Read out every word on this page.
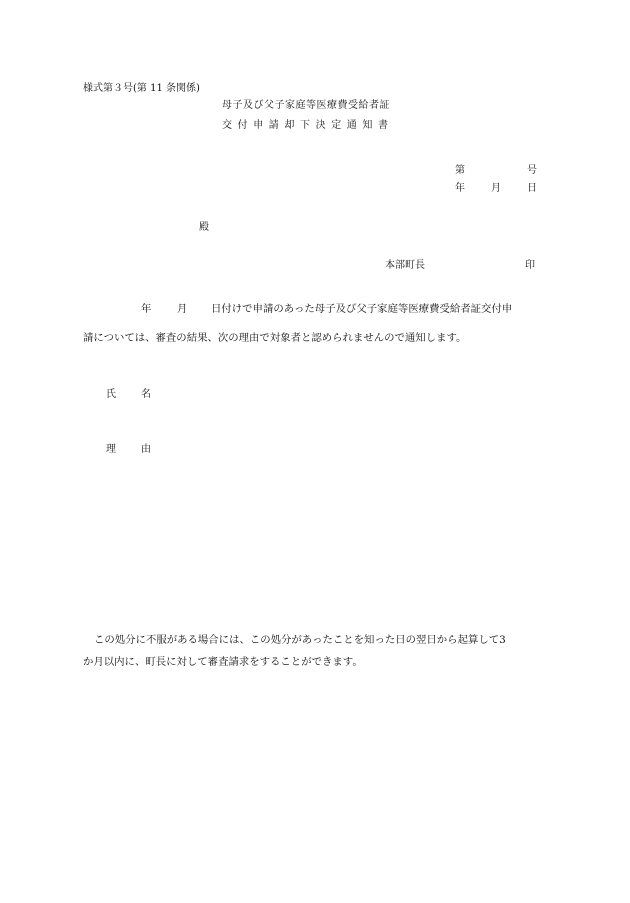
様式第３号(第 11 条関係)
母子及び父子家庭等医療費受給者証
交付申請却下決定通知書
第	号
年	月	日
殿
本部町長	印
年 月 日付けで申請のあった母子及び父子家庭等医療費受給者証交付申
請については、審査の結果、次の理由で対象者と認められませんので通知します。
氏	名
理	由
この処分に不服がある場合には、この処分があったことを知った日の翌日から起算して3
か月以内に、町長に対して審査請求をすることができます。
